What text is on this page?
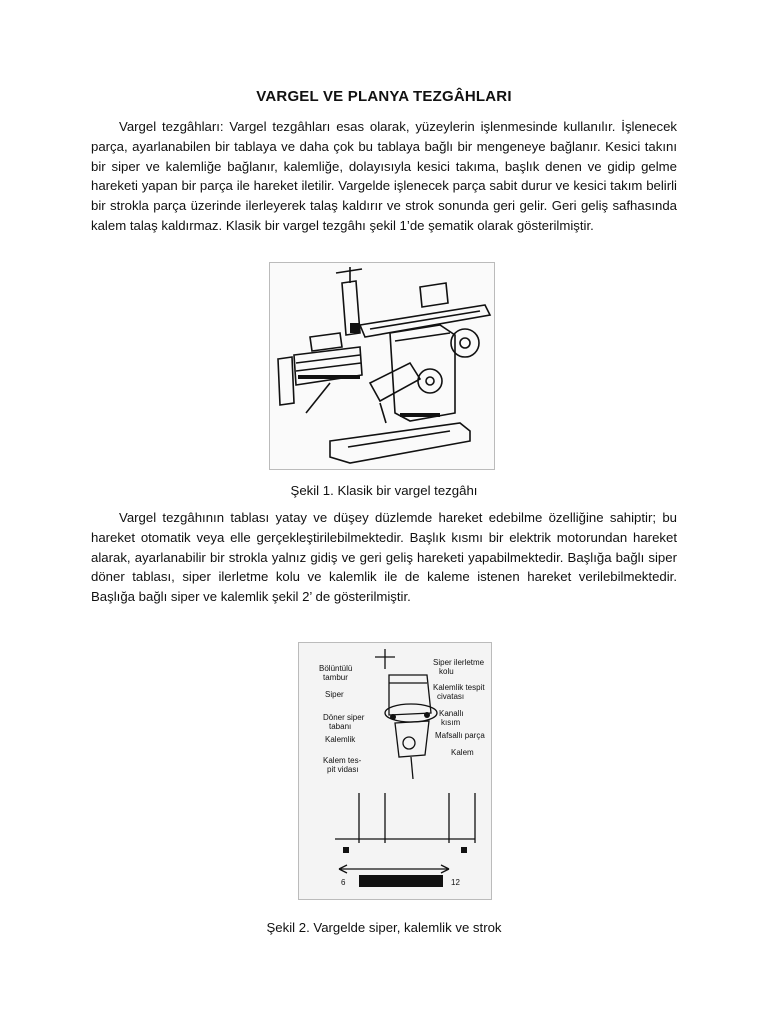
VARGEL VE PLANYA TEZGÂHLARI

Vargel tezgâhları: Vargel tezgâhları esas olarak, yüzeylerin işlenmesinde kullanılır. İşlenecek parça, ayarlanabilen bir tablaya ve daha çok bu tablaya bağlı bir mengeneye bağlanır. Kesici takını bir siper ve kalemliğe bağlanır, kalemliğe, dolayısıyla kesici takıma, başlık denen ve gidip gelme hareketi yapan bir parça ile hareket iletilir. Vargelde işlenecek parça sabit durur ve kesici takım belirli bir strokla parça üzerinde ilerleyerek talaş kaldırır ve strok sonunda geri gelir. Geri geliş safhasında kalem talaş kaldırmaz. Klasik bir vargel tezgâhı şekil 1’de şematik olarak gösterilmiştir.

Şekil 1. Klasik bir vargel tezgâhı

Vargel tezgâhının tablası yatay ve düşey düzlemde hareket edebilme özelliğine sahiptir; bu hareket otomatik veya elle gerçekleştirilebilmektedir. Başlık kısmı bir elektrik motorundan hareket alarak, ayarlanabilir bir strokla yalnız gidiş ve geri geliş hareketi yapabilmektedir. Başlığa bağlı siper döner tablası, siper ilerletme kolu ve kalemlik ile de kaleme istenen hareket verilebilmektedir. Başlığa bağlı siper ve kalemlik şekil 2’ de gösterilmiştir.

Bölüntülü
tambur
Siper
Döner siper
tabanı
Kalemlik
Kalem tes-
pit vidası
Siper ilerletme
kolu
Kalemlik tespit
civatası
Kanallı
kısım
Mafsallı parça
Kalem
6	12
Şekil 2. Vargelde siper, kalemlik ve strok
